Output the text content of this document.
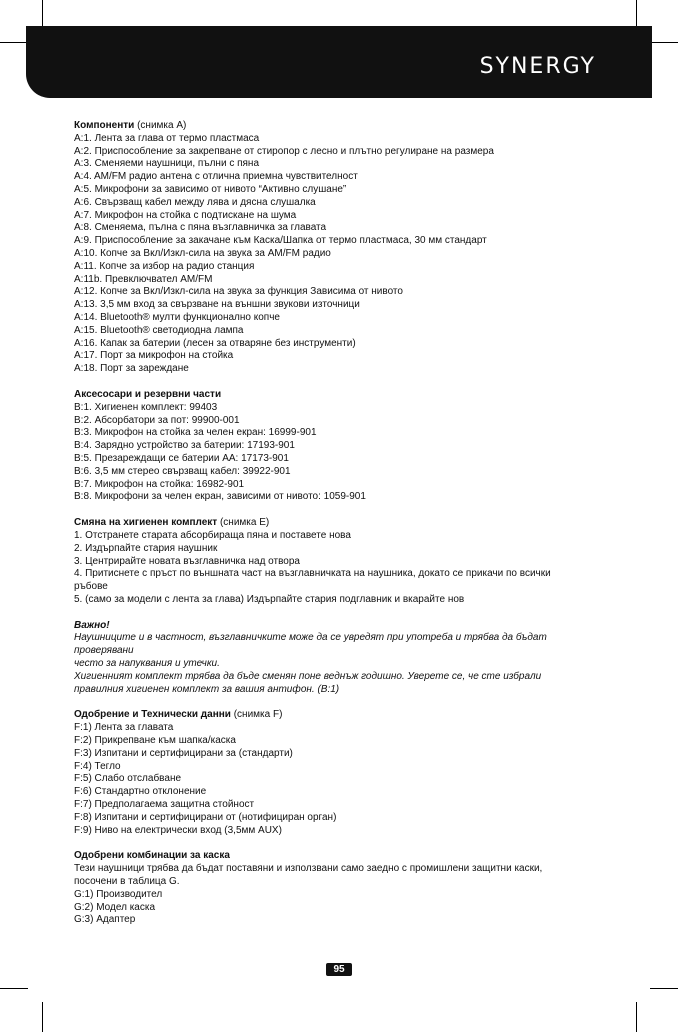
SYNERGY
Компоненти (снимка A)
A:1. Лента за глава от термо пластмаса
A:2. Приспособление за закрепване от стиропор с лесно и плътно регулиране на размера
A:3. Сменяеми наушници, пълни с пяна
A:4. AM/FM радио антена с отлична приемна чувствителност
A:5. Микрофони за зависимо от нивото “Активно слушане”
A:6. Свързващ кабел между лява и дясна слушалка
A:7. Микрофон на стойка с подтискане на шума
A:8. Сменяема, пълна с пяна възглавничка за главата
A:9. Приспособление за закачане към Каска/Шапка от термо пластмаса, 30 мм стандарт
A:10. Копче за Вкл/Изкл-сила на звука за AM/FM радио
A:11. Копче за избор на радио станция
A:11b. Превключвател AM/FM
A:12. Копче за Вкл/Изкл-сила на звука за функция Зависима от нивото
A:13. 3,5 мм вход за свързване на външни звукови източници
A:14. Bluetooth® мулти функционално копче
A:15. Bluetooth® светодиодна лампа
A:16. Капак за батерии (лесен за отваряне без инструменти)
A:17. Порт за микрофон на стойка
A:18. Порт за зареждане
Аксесосари и резервни части
B:1. Хигиенен комплект: 99403
B:2. Абсорбатори за пот: 99900-001
B:3. Микрофон на стойка за челен екран: 16999-901
B:4. Зарядно устройство за батерии: 17193-901
B:5. Презареждащи се батерии AA: 17173-901
B:6. 3,5 мм стерео свързващ кабел: 39922-901
B:7. Микрофон на стойка: 16982-901
B:8. Микрофони за челен екран, зависими от нивото: 1059-901
Смяна на хигиенен комплект (снимка E)
1. Отстранете старата абсорбираща пяна и поставете нова
2. Издърпайте стария наушник
3. Центрирайте новата възглавничка над отвора
4. Притиснете с пръст по външната част на възглавничката на наушника, докато се прикачи по всички
ръбове
5. (само за модели с лента за глава) Издърпайте стария подглавник и вкарайте нов
Важно!
Наушниците и в частност, възглавничките може да се увредят при употреба и трябва да бъдат
проверявани
често за напуквания и утечки.
Хигиенният комплект трябва да бъде сменян поне веднъж годишно. Уверете се, че сте избрали
правилния хигиенен комплект за вашия антифон. (B:1)
Одобрение и Технически данни (снимка F)
F:1) Лента за главата
F:2) Прикрепване към шапка/каска
F:3) Изпитани и сертифицирани за (стандарти)
F:4) Тегло
F:5) Слабо отслабване
F:6) Стандартно отклонение
F:7) Предполагаема защитна стойност
F:8) Изпитани и сертифицирани от (нотифициран орган)
F:9) Ниво на електрически вход (3,5мм AUX)
Одобрени комбинации за каска
Тези наушници трябва да бъдат поставяни и използвани само заедно с промишлени защитни каски,
посочени в таблица G.
G:1) Производител
G:2) Модел каска
G:3) Адаптер
95
